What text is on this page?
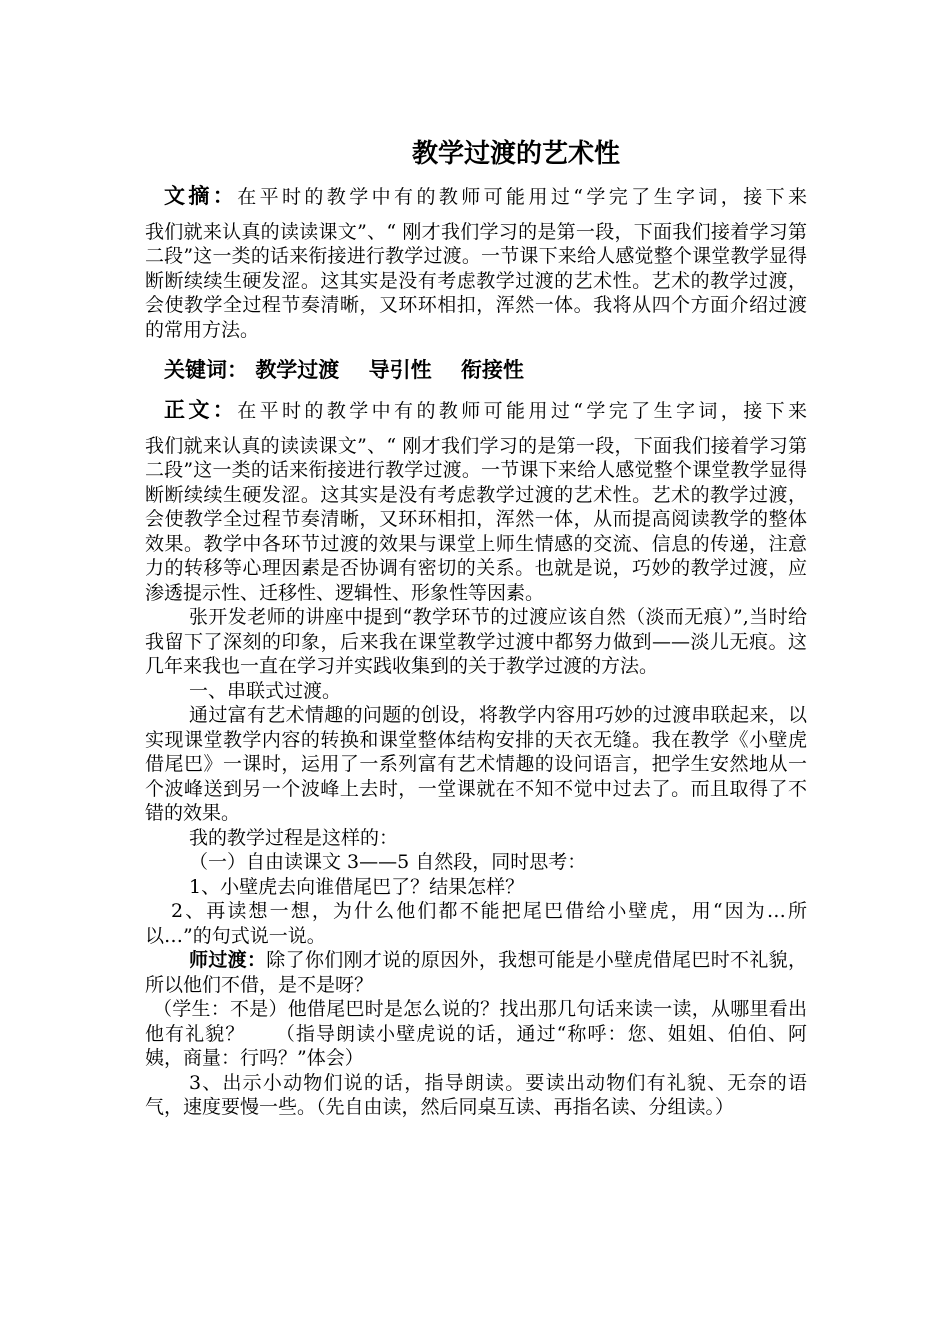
教学过渡的艺术性

文摘：在平时的教学中有的教师可能用过“学完了生字词，接下来

我们就来认真的读读课文”、“ 刚才我们学习的是第一段，下面我们接着学习第二段”这一类的话来衔接进行教学过渡。一节课下来给人感觉整个课堂教学显得断断续续生硬发涩。这其实是没有考虑教学过渡的艺术性。艺术的教学过渡，会使教学全过程节奏清晰，又环环相扣，浑然一体。我将从四个方面介绍过渡的常用方法。

关键词： 教学过渡 导引性 衔接性

正文：在平时的教学中有的教师可能用过“学完了生字词，接下来

我们就来认真的读读课文”、“ 刚才我们学习的是第一段，下面我们接着学习第二段”这一类的话来衔接进行教学过渡。一节课下来给人感觉整个课堂教学显得断断续续生硬发涩。这其实是没有考虑教学过渡的艺术性。艺术的教学过渡，会使教学全过程节奏清晰，又环环相扣，浑然一体，从而提高阅读教学的整体效果。教学中各环节过渡的效果与课堂上师生情感的交流、信息的传递，注意力的转移等心理因素是否协调有密切的关系。也就是说，巧妙的教学过渡，应渗透提示性、迁移性、逻辑性、形象性等因素。

张开发老师的讲座中提到“教学环节的过渡应该自然（淡而无痕）”,当时给我留下了深刻的印象，后来我在课堂教学过渡中都努力做到——淡儿无痕。这几年来我也一直在学习并实践收集到的关于教学过渡的方法。

一、串联式过渡。

通过富有艺术情趣的问题的创设，将教学内容用巧妙的过渡串联起来，以实现课堂教学内容的转换和课堂整体结构安排的天衣无缝。我在教学《小壁虎借尾巴》一课时，运用了一系列富有艺术情趣的设问语言，把学生安然地从一个波峰送到另一个波峰上去时，一堂课就在不知不觉中过去了。而且取得了不错的效果。

我的教学过程是这样的：

（一）自由读课文 3——5 自然段，同时思考：

1、小壁虎去向谁借尾巴了？结果怎样？

2、再读想一想，为什么他们都不能把尾巴借给小壁虎，用“因为…所以…”的句式说一说。

师过渡：除了你们刚才说的原因外，我想可能是小壁虎借尾巴时不礼貌，所以他们不借，是不是呀？

（学生：不是）他借尾巴时是怎么说的？找出那几句话来读一读，从哪里看出他有礼貌？　　（指导朗读小壁虎说的话，通过“称呼：您、姐姐、伯伯、阿姨，商量：行吗？”体会）

3、出示小动物们说的话，指导朗读。要读出动物们有礼貌、无奈的语气，速度要慢一些。（先自由读，然后同桌互读、再指名读、分组读。）
